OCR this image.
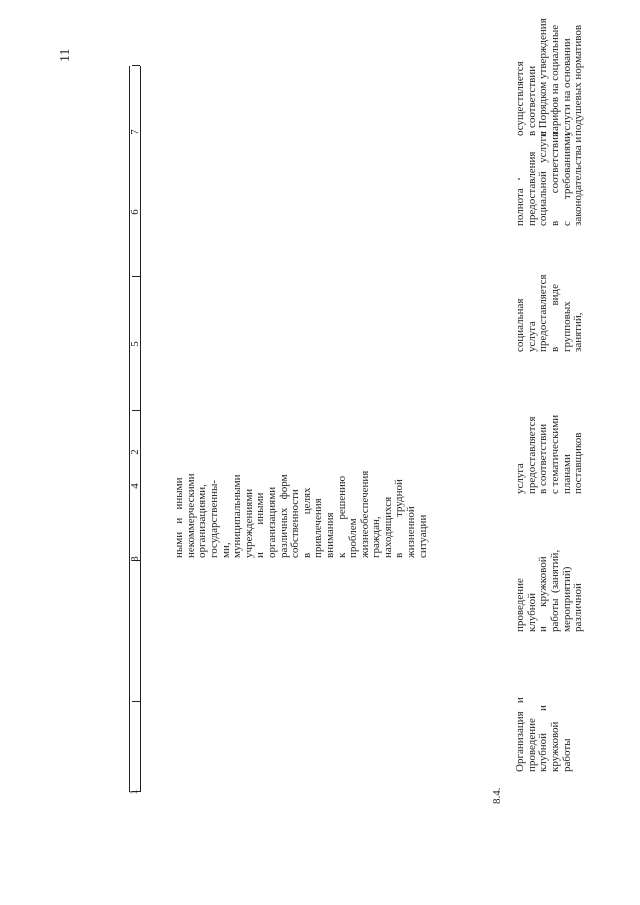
11
1
2
3
4
5
6
7

ными   и   иными некоммерческими организациями, государственны- ми, муниципальными учреждениями и          иными организациями различных   форм собственности в              целях привлечения внимания к            решению проблем жизнеобеспечения граждан, находящихся в             трудной жизненной ситуации

8.4.

Организация   и проведение клубной        и кружковой работы

проведение клубной и       кружковой работы  (занятий, мероприятий) различной

услуга предоставляется в соответствии с тематическими планами поставщиков

социальная услуга предоставляется в               виде групповых занятий,

полнота предоставления социальной   услуги в          соответствии с        требованиями законодательства и

осуществляется в соответствии с Порядком утверждения тарифов на социальные услуги на основании подушевых нормативов
